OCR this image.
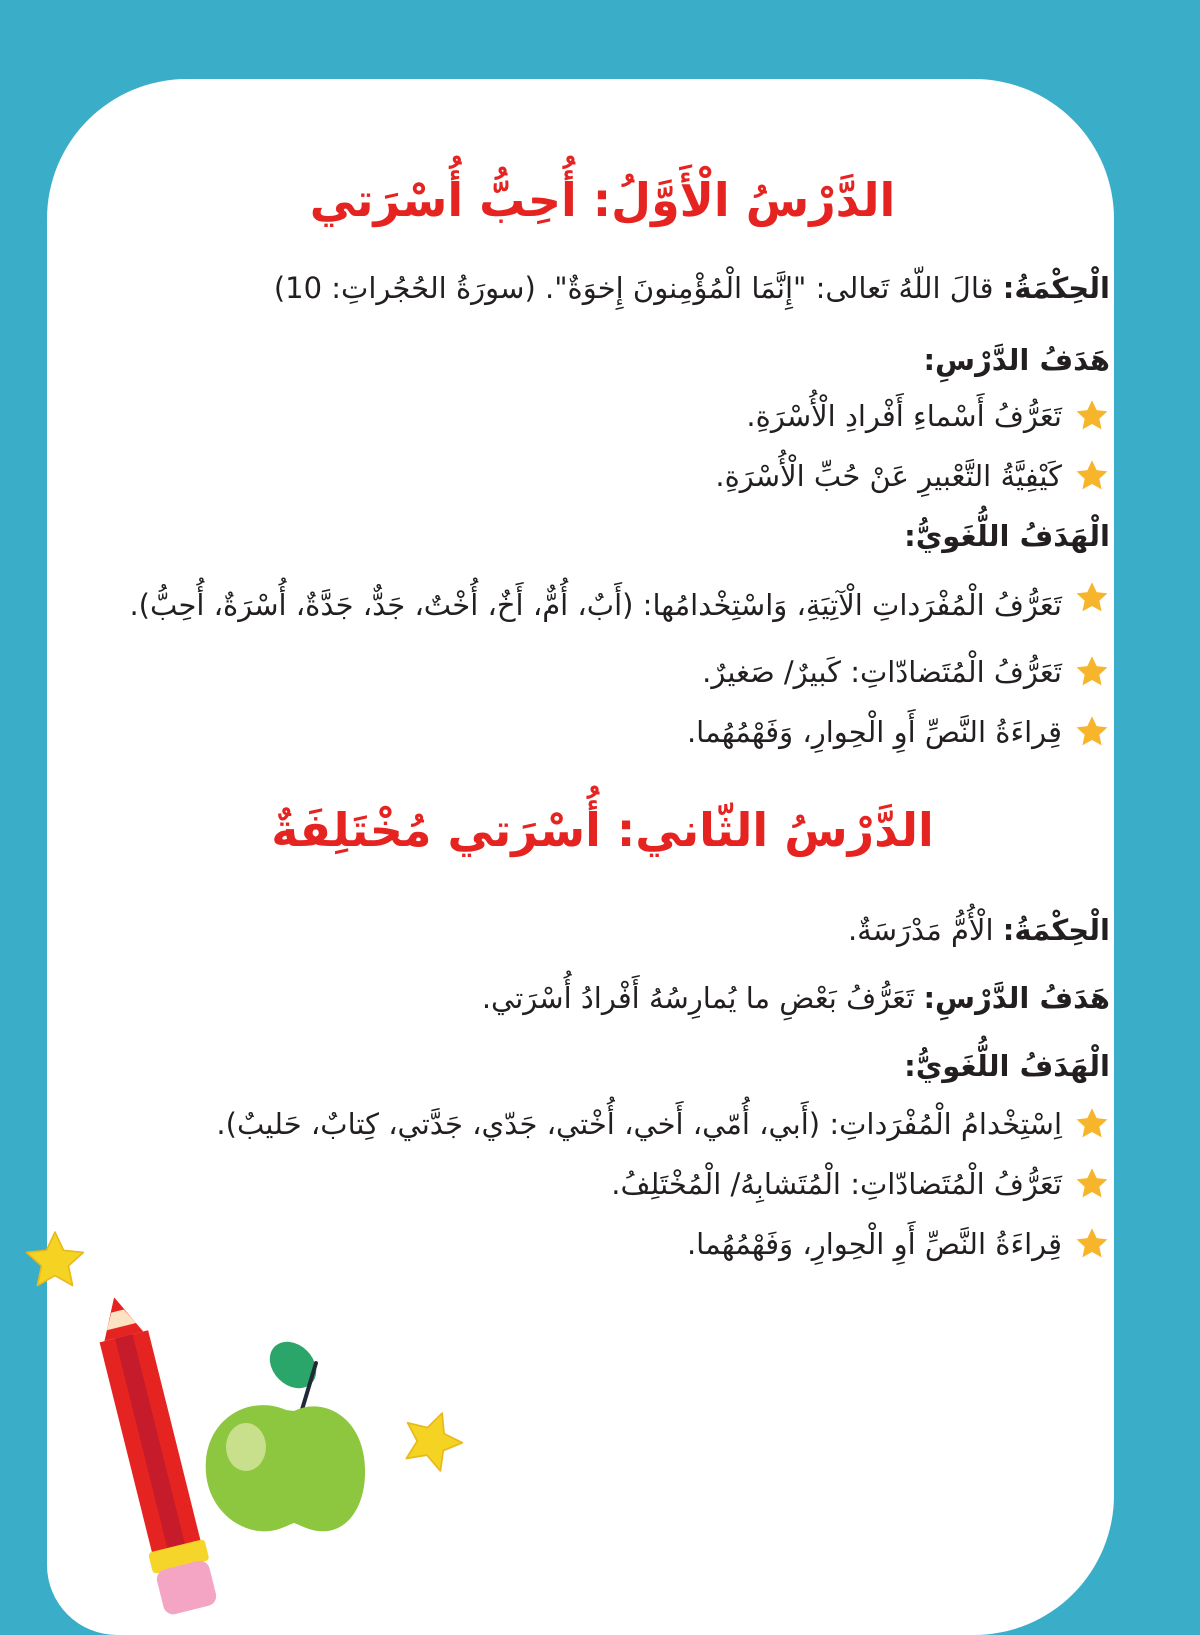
الدَّرْسُ الْأَوَّلُ: أُحِبُّ أُسْرَتي

الْحِكْمَةُ: قالَ اللّهُ تَعالى: "إِنَّمَا الْمُؤْمِنونَ إِخوَةٌ". (سورَةُ الحُجُراتِ: 10)

هَدَفُ الدَّرْسِ:

تَعَرُّفُ أَسْماءِ أَفْرادِ الْأُسْرَةِ.
كَيْفِيَّةُ التَّعْبيرِ عَنْ حُبِّ الْأُسْرَةِ.

الْهَدَفُ اللُّغَويُّ:

تَعَرُّفُ الْمُفْرَداتِ الْآتِيَةِ، وَاسْتِخْدامُها: (أَبٌ، أُمٌّ، أَخٌ، أُخْتٌ، جَدٌّ، جَدَّةٌ، أُسْرَةٌ، أُحِبُّ).
تَعَرُّفُ الْمُتَضادّاتِ: كَبيرٌ/ صَغيرٌ.
قِراءَةُ النَّصِّ أَوِ الْحِوارِ، وَفَهْمُهُما.
الدَّرْسُ الثّاني: أُسْرَتي مُخْتَلِفَةٌ

الْحِكْمَةُ: الْأُمُّ مَدْرَسَةٌ.

هَدَفُ الدَّرْسِ: تَعَرُّفُ بَعْضِ ما يُمارِسُهُ أَفْرادُ أُسْرَتي.

الْهَدَفُ اللُّغَويُّ:

اِسْتِخْدامُ الْمُفْرَداتِ: (أَبي، أُمّي، أَخي، أُخْتي، جَدّي، جَدَّتي، كِتابٌ، حَليبٌ).
تَعَرُّفُ الْمُتَضادّاتِ: الْمُتَشابِهُ/ الْمُخْتَلِفُ.
قِراءَةُ النَّصِّ أَوِ الْحِوارِ، وَفَهْمُهُما.
2
